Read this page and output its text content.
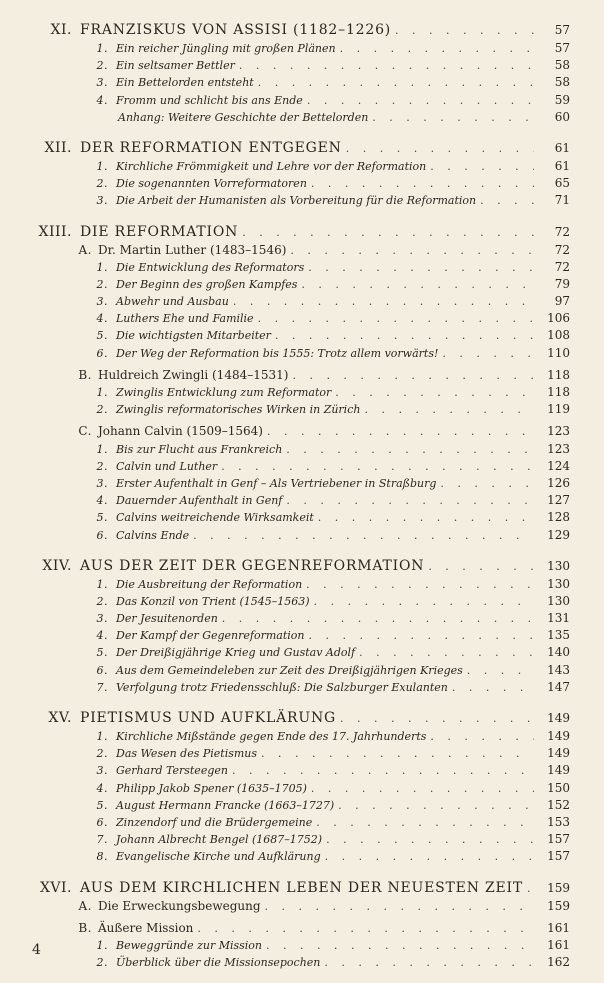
XI. FRANZISKUS VON ASSISI (1182–1226) . . .	57
1. Ein reicher Jüngling mit großen Plänen . . .	57
2. Ein seltsamer Bettler . . .	58
3. Ein Bettelorden entsteht . . .	58
4. Fromm und schlicht bis ans Ende . . .	59
Anhang: Weitere Geschichte der Bettelorden . . .	60
XII. DER REFORMATION ENTGEGEN . . .	61
1. Kirchliche Frömmigkeit und Lehre vor der Reformation . . .	61
2. Die sogenannten Vorreformatoren . . .	65
3. Die Arbeit der Humanisten als Vorbereitung für die Reformation . . .	71
XIII. DIE REFORMATION . . .	72
A. Dr. Martin Luther (1483–1546) . . .	72
1. Die Entwicklung des Reformators . . .	72
2. Der Beginn des großen Kampfes . . .	79
3. Abwehr und Ausbau . . .	97
4. Luthers Ehe und Familie . . .	106
5. Die wichtigsten Mitarbeiter . . .	108
6. Der Weg der Reformation bis 1555: Trotz allem vorwärts! . . .	110
B. Huldreich Zwingli (1484–1531) . . .	118
1. Zwinglis Entwicklung zum Reformator . . .	118
2. Zwinglis reformatorisches Wirken in Zürich . . .	119
C. Johann Calvin (1509–1564) . . .	123
1. Bis zur Flucht aus Frankreich . . .	123
2. Calvin und Luther . . .	124
3. Erster Aufenthalt in Genf – Als Vertriebener in Straßburg . . .	126
4. Dauernder Aufenthalt in Genf . . .	127
5. Calvins weitreichende Wirksamkeit . . .	128
6. Calvins Ende . . .	129
XIV. AUS DER ZEIT DER GEGENREFORMATION . . .	130
1. Die Ausbreitung der Reformation . . .	130
2. Das Konzil von Trient (1545–1563) . . .	130
3. Der Jesuitenorden . . .	131
4. Der Kampf der Gegenreformation . . .	135
5. Der Dreißigjährige Krieg und Gustav Adolf . . .	140
6. Aus dem Gemeindeleben zur Zeit des Dreißigjährigen Krieges . . .	143
7. Verfolgung trotz Friedensschluß: Die Salzburger Exulanten . . .	147
XV. PIETISMUS UND AUFKLÄRUNG . . .	149
1. Kirchliche Mißstände gegen Ende des 17. Jahrhunderts . . .	149
2. Das Wesen des Pietismus . . .	149
3. Gerhard Tersteegen . . .	149
4. Philipp Jakob Spener (1635–1705) . . .	150
5. August Hermann Francke (1663–1727) . . .	152
6. Zinzendorf und die Brüdergemeine . . .	153
7. Johann Albrecht Bengel (1687–1752) . . .	157
8. Evangelische Kirche und Aufklärung . . .	157
XVI. AUS DEM KIRCHLICHEN LEBEN DER NEUESTEN ZEIT . . .	159
A. Die Erweckungsbewegung . . .	159
B. Äußere Mission . . .	161
1. Beweggründe zur Mission . . .	161
2. Überblick über die Missionsepochen . . .	162
4
